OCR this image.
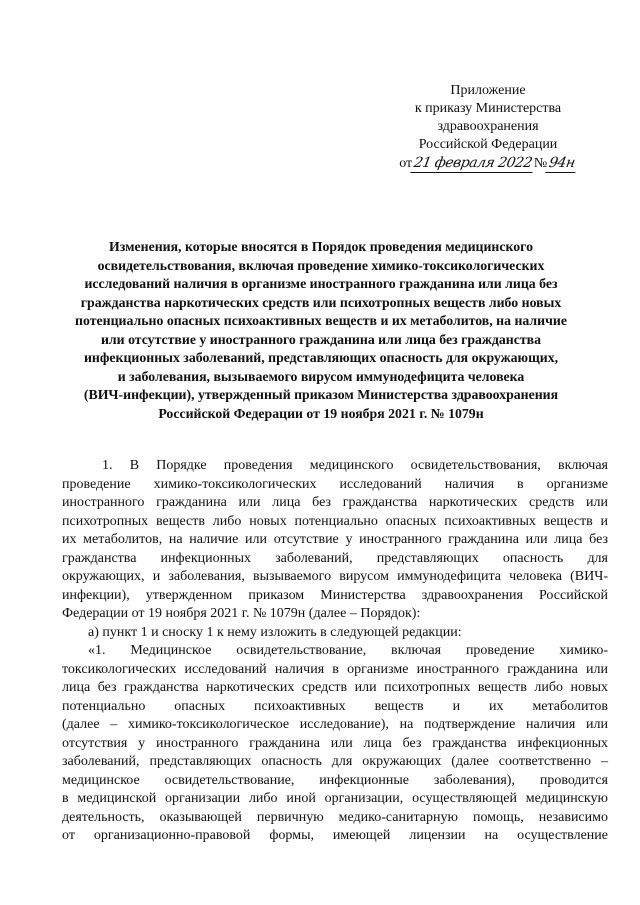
Приложение
к приказу Министерства
здравоохранения
Российской Федерации
от 21 февраля 2022 № 94н
Изменения, которые вносятся в Порядок проведения медицинского
освидетельствования, включая проведение химико-токсикологических
исследований наличия в организме иностранного гражданина или лица без
гражданства наркотических средств или психотропных веществ либо новых
потенциально опасных психоактивных веществ и их метаболитов, на наличие
или отсутствие у иностранного гражданина или лица без гражданства
инфекционных заболеваний, представляющих опасность для окружающих,
и заболевания, вызываемого вирусом иммунодефицита человека
(ВИЧ-инфекции), утвержденный приказом Министерства здравоохранения
Российской Федерации от 19 ноября 2021 г. № 1079н
1. В Порядке проведения медицинского освидетельствования, включая
проведение химико-токсикологических исследований наличия в организме
иностранного гражданина или лица без гражданства наркотических средств или
психотропных веществ либо новых потенциально опасных психоактивных веществ и
их метаболитов, на наличие или отсутствие у иностранного гражданина или лица без
гражданства инфекционных заболеваний, представляющих опасность для
окружающих, и заболевания, вызываемого вирусом иммунодефицита человека (ВИЧ-
инфекции), утвержденном приказом Министерства здравоохранения Российской
Федерации от 19 ноября 2021 г. № 1079н (далее – Порядок):
а) пункт 1 и сноску 1 к нему изложить в следующей редакции:
«1. Медицинское освидетельствование, включая проведение химико-
токсикологических исследований наличия в организме иностранного гражданина или
лица без гражданства наркотических средств или психотропных веществ либо новых
потенциально опасных психоактивных веществ и их метаболитов
(далее – химико-токсикологическое исследование), на подтверждение наличия или
отсутствия у иностранного гражданина или лица без гражданства инфекционных
заболеваний, представляющих опасность для окружающих (далее соответственно –
медицинское освидетельствование, инфекционные заболевания), проводится
в медицинской организации либо иной организации, осуществляющей медицинскую
деятельность, оказывающей первичную медико-санитарную помощь, независимо
от организационно-правовой формы, имеющей лицензии на осуществление
